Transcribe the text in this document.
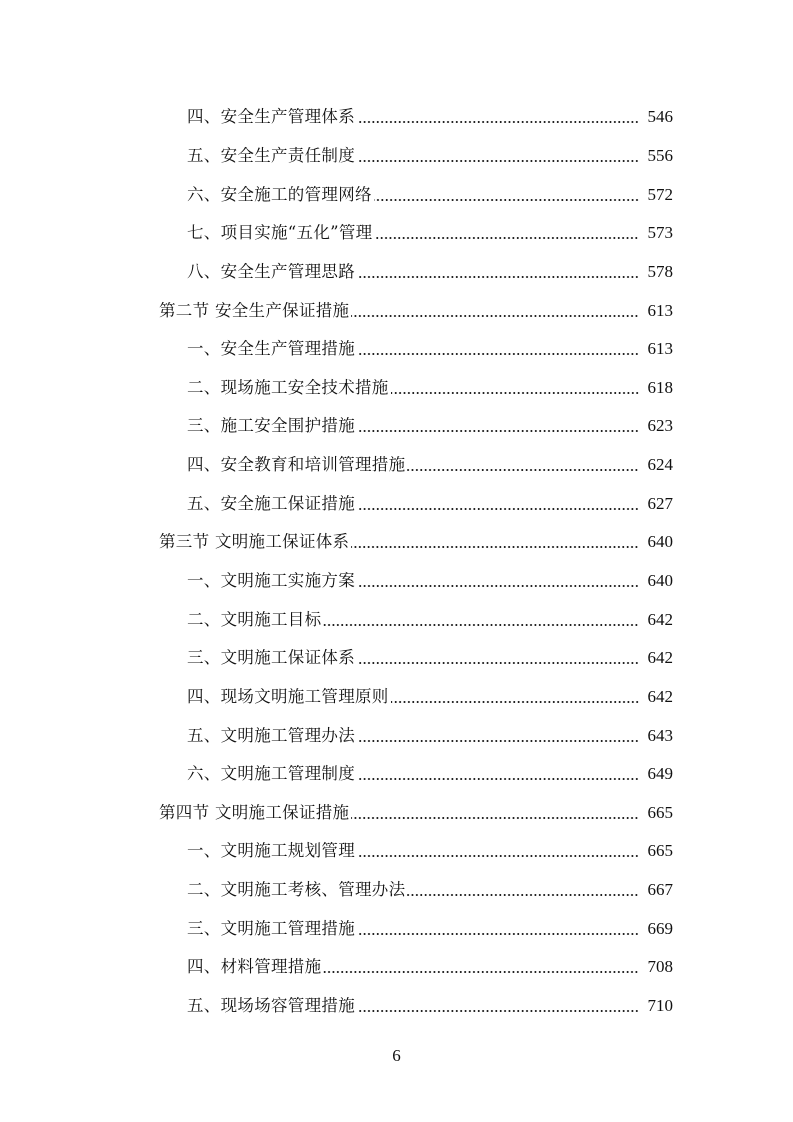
四、安全生产管理体系	546
五、安全生产责任制度	556
六、安全施工的管理网络	572
七、项目实施“五化”管理	573
八、安全生产管理思路	578
第二节 安全生产保证措施	613
一、安全生产管理措施	613
二、现场施工安全技术措施	618
三、施工安全围护措施	623
四、安全教育和培训管理措施	624
五、安全施工保证措施	627
第三节 文明施工保证体系	640
一、文明施工实施方案	640
二、文明施工目标	642
三、文明施工保证体系	642
四、现场文明施工管理原则	642
五、文明施工管理办法	643
六、文明施工管理制度	649
第四节 文明施工保证措施	665
一、文明施工规划管理	665
二、文明施工考核、管理办法	667
三、文明施工管理措施	669
四、材料管理措施	708
五、现场场容管理措施	710
6
